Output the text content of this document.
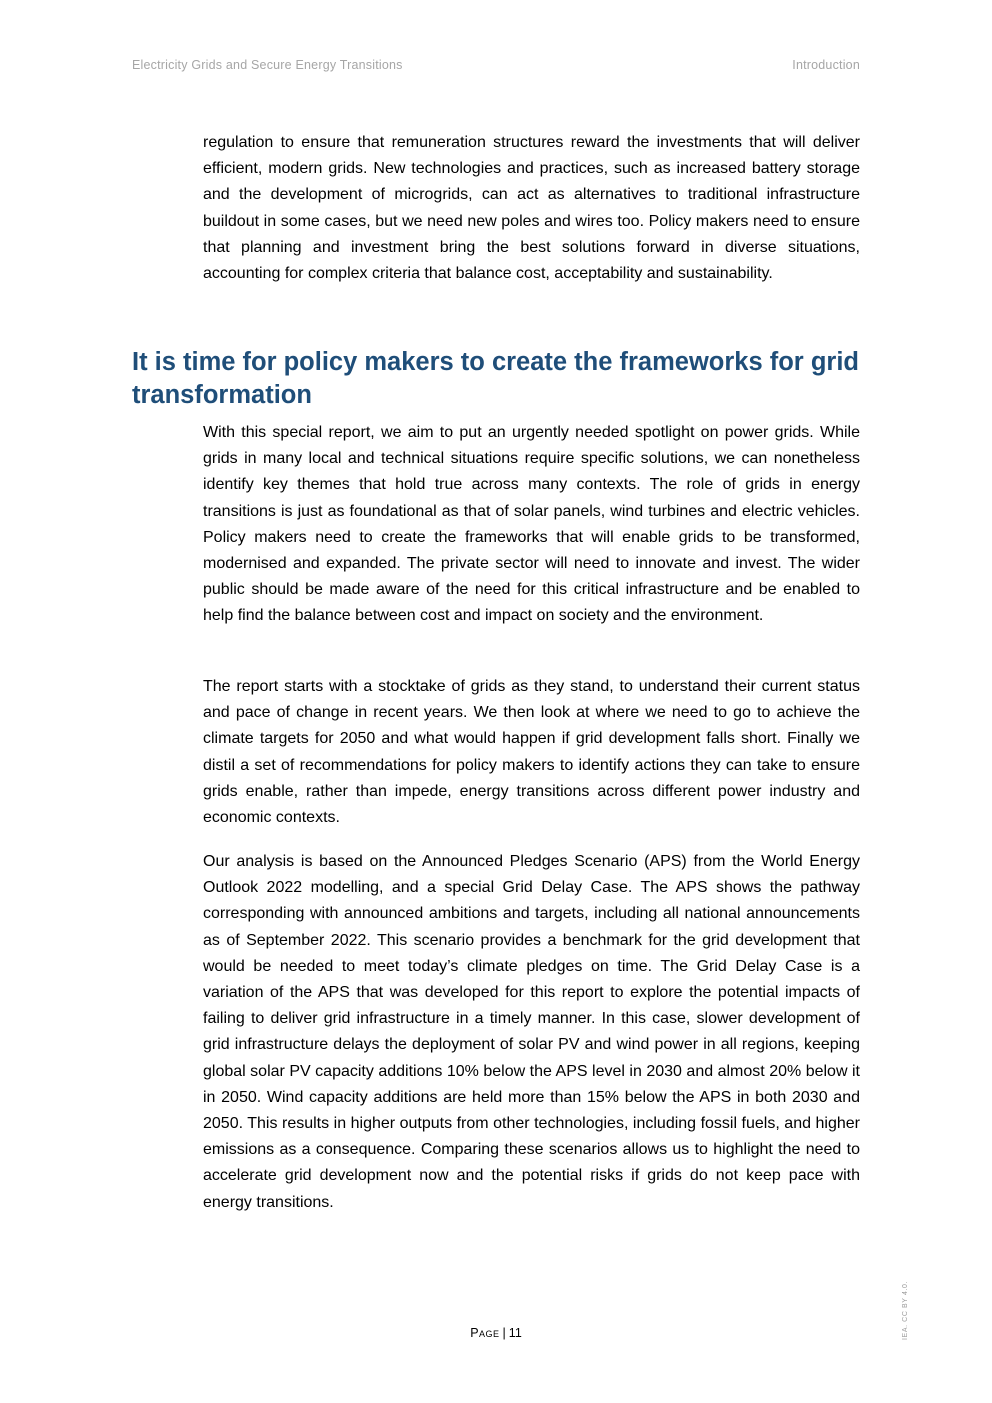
Electricity Grids and Secure Energy Transitions	Introduction

regulation to ensure that remuneration structures reward the investments that will deliver efficient, modern grids. New technologies and practices, such as increased battery storage and the development of microgrids, can act as alternatives to traditional infrastructure buildout in some cases, but we need new poles and wires too. Policy makers need to ensure that planning and investment bring the best solutions forward in diverse situations, accounting for complex criteria that balance cost, acceptability and sustainability.

It is time for policy makers to create the frameworks for grid transformation

With this special report, we aim to put an urgently needed spotlight on power grids. While grids in many local and technical situations require specific solutions, we can nonetheless identify key themes that hold true across many contexts. The role of grids in energy transitions is just as foundational as that of solar panels, wind turbines and electric vehicles. Policy makers need to create the frameworks that will enable grids to be transformed, modernised and expanded. The private sector will need to innovate and invest. The wider public should be made aware of the need for this critical infrastructure and be enabled to help find the balance between cost and impact on society and the environment.

The report starts with a stocktake of grids as they stand, to understand their current status and pace of change in recent years. We then look at where we need to go to achieve the climate targets for 2050 and what would happen if grid development falls short. Finally we distil a set of recommendations for policy makers to identify actions they can take to ensure grids enable, rather than impede, energy transitions across different power industry and economic contexts.

Our analysis is based on the Announced Pledges Scenario (APS) from the World Energy Outlook 2022 modelling, and a special Grid Delay Case. The APS shows the pathway corresponding with announced ambitions and targets, including all national announcements as of September 2022. This scenario provides a benchmark for the grid development that would be needed to meet today’s climate pledges on time. The Grid Delay Case is a variation of the APS that was developed for this report to explore the potential impacts of failing to deliver grid infrastructure in a timely manner. In this case, slower development of grid infrastructure delays the deployment of solar PV and wind power in all regions, keeping global solar PV capacity additions 10% below the APS level in 2030 and almost 20% below it in 2050. Wind capacity additions are held more than 15% below the APS in both 2030 and 2050. This results in higher outputs from other technologies, including fossil fuels, and higher emissions as a consequence. Comparing these scenarios allows us to highlight the need to accelerate grid development now and the potential risks if grids do not keep pace with energy transitions.

Page | 11	IEA. CC BY 4.0.
